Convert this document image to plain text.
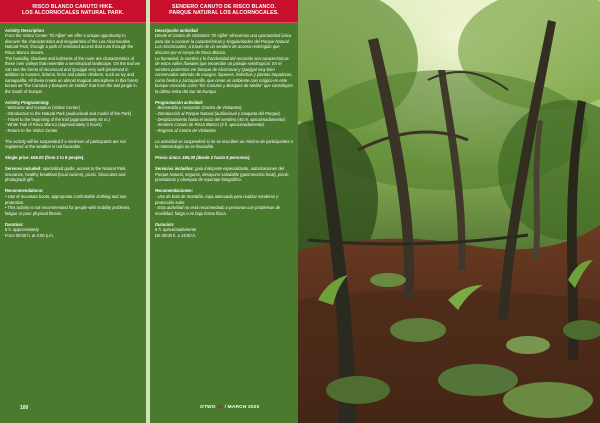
RISCO BLANCO CANUTO HIKE.
LOS ALCORNOCALES NATURAL PARK.

Activity Description
From the Visitor Center "El Aljibe" we offer a unique opportunity to discover the characteristics and singularities of the Los Alcornocales Natural Park, through a path of restricted access that runs through the Risco Blanco stream.
The humidity, shadows and lushness of the route are characteristics of these river valleys that resemble a semitropical landscape. On the trail we can see the forest of Alcornocal and Quejigal very well preserved in addition to mosses, lichens, ferns and plants climbers, such as ivy and sarsaparilla. All these create an almost magical atmosphere in this forest known as "the Canutos y Bosques de Niebla" that form the last jungle in the South of Europe.

Activity Programming:
- Welcome and reception (Visitor Center)
- Introduction to the Natural Park (audiovisual and model of the Park)
- Travel to the beginning of the trail (approximately 45 m.)
- White Trail of Risco Blanco (approximately 3 hours)
- Return to the Visitor Center

The activity will be suspended if a minimum of participants are not registered or the weather is not favorable.

Single price: £65.00 (from 2 to 8 people).

Services included: specialized guide, access to the Natural Park, insurance, healthy breakfast (local cuisine), picnic, binoculars and photograph gift.

Recommendations:
• Use of mountain boots, appropriate comfortable clothing and sun protection.
• This activity is not recommended for people with mobility problems, fatigue or poor physical fitness.

Duration:
6 h. approximately
From 09:00 h. at 3:00 p.m.

SENDERO CANUTO DE RISCO BLANCO.
PARQUE NATURAL LOS ALCORNOCALES.

Descripción actividad
Desde el Centro de Visitantes "El Aljibe" ofrecemos una oportunidad única para dar a conocer la características y singularidades del Parque Natural Los Alcornocales, a través de un sendero de acceso restringido que discurre por el arroyo de Risco Blanco.
La humedad, la sombra y la frondosidad del recorrido son características de estos valles fluviales que recuerdan un paisaje semitropical. En el sendero podremos ver bosque de Alcornocal y Quejigal muy bien conservados además de musgos, líquenes, helechos y plantas trepadoras, como hiedra y zarzaparrilla, que crean un ambiente casi mágico en este bosque conocido como "los Canutos y Bosques de Niebla" que constituyen la última selva del Sur de Europa.

Programación actividad:
- Bienvenida y recepción (Centro de Visitantes).
- Introducción al Parque Natural (audiovisual y maqueta del Parque).
- Desplazamiento hasta el inicio del sendero (45 m. aproximadamente).
- Sendero Canuto de Risco Blanco (3 h. aproximadamente).
- Regreso al Centro de Visitantes

La actividad se suspenderá si no se inscriben un mínimo de participantes o la meteorología no es favorable.

Precio único: £65,00 (desde 2 hasta 8 personas).

Servicios incluidos: guía intérprete especializado, autorizaciones del Parque Natural, seguros, desayuno saludable (gastronomía local), picnic, prismáticos y obsequio de reportaje fotográfico.

Recomendaciones:
- Uso de bota de montaña, ropa adecuada para realizar senderos y protección solar.
- Esta actividad no está recomendada a personas con problemas de movilidad, fatiga o en baja forma física.

Duración:
6 h. aproximadamente
De 09:00 h. a 15:00 h.

100	OTWO 08 / MARCH 2020
